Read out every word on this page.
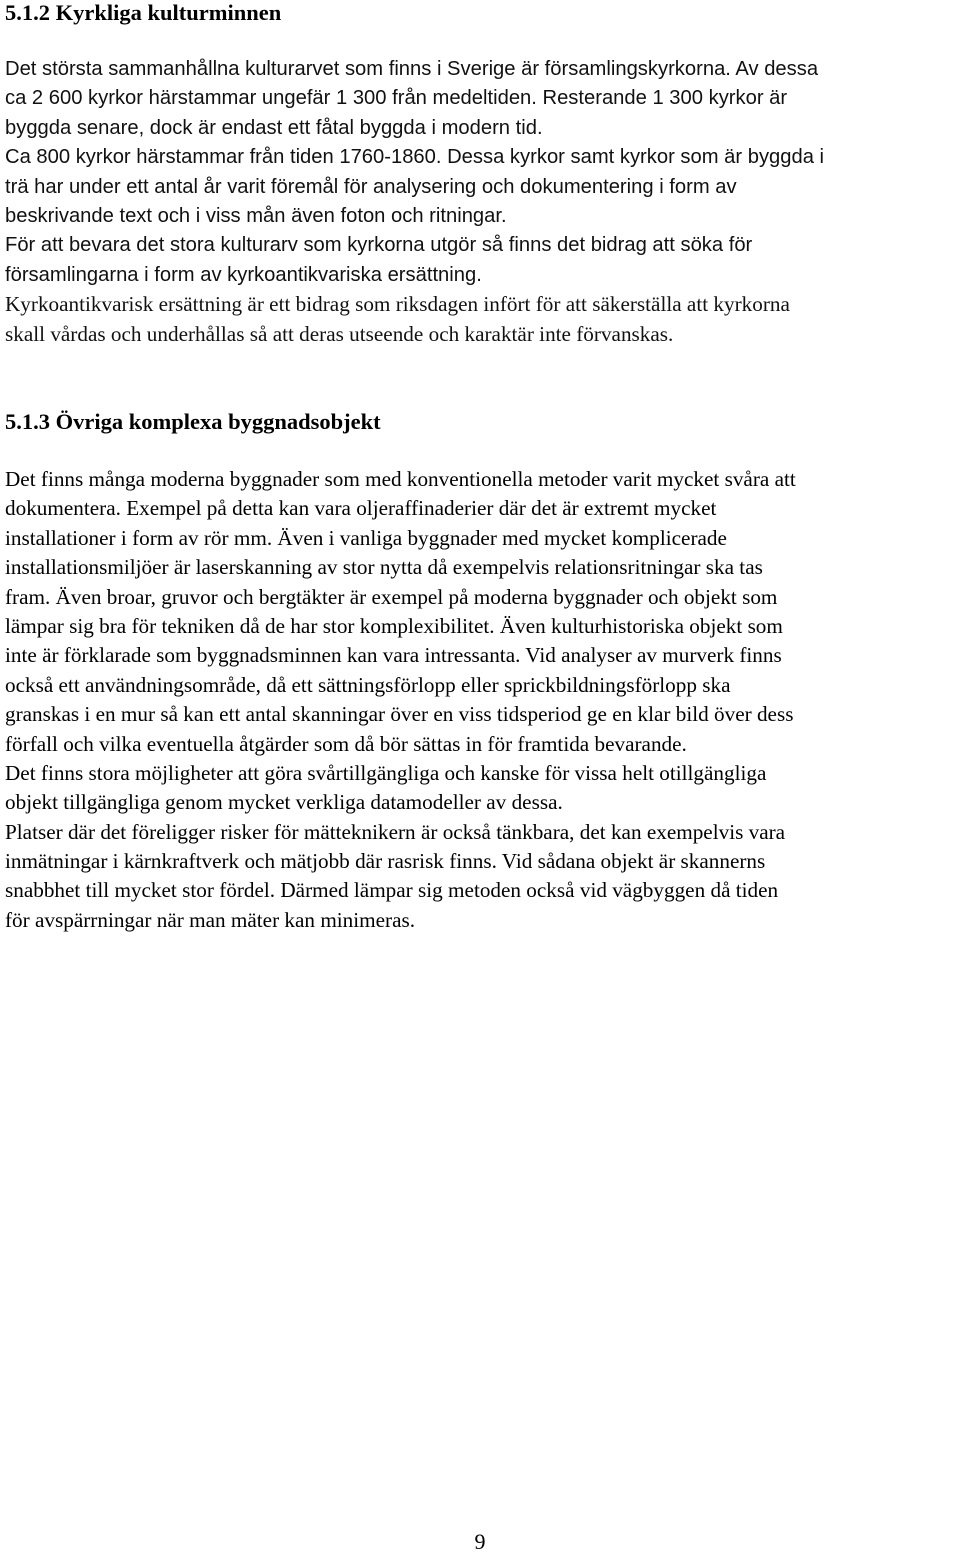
5.1.2 Kyrkliga kulturminnen
Det största sammanhållna kulturarvet som finns i Sverige är församlingskyrkorna. Av dessa
ca 2 600 kyrkor härstammar ungefär 1 300 från medeltiden. Resterande 1 300 kyrkor är
byggda senare, dock är endast ett fåtal byggda i modern tid.
Ca 800 kyrkor härstammar från tiden 1760-1860. Dessa kyrkor samt kyrkor som är byggda i
trä har under ett antal år varit föremål för analysering och dokumentering i form av
beskrivande text och i viss mån även foton och ritningar.
För att bevara det stora kulturarv som kyrkorna utgör så finns det bidrag att söka för
församlingarna i form av kyrkoantikvariska ersättning.
Kyrkoantikvarisk ersättning är ett bidrag som riksdagen infört för att säkerställa att kyrkorna
skall vårdas och underhållas så att deras utseende och karaktär inte förvanskas.
5.1.3 Övriga komplexa byggnadsobjekt
Det finns många moderna byggnader som med konventionella metoder varit mycket svåra att
dokumentera. Exempel på detta kan vara oljeraffinaderier där det är extremt mycket
installationer i form av rör mm. Även i vanliga byggnader med mycket komplicerade
installationsmiljöer är laserskanning av stor nytta då exempelvis relationsritningar ska tas
fram. Även broar, gruvor och bergtäkter är exempel på moderna byggnader och objekt som
lämpar sig bra för tekniken då de har stor komplexibilitet. Även kulturhistoriska objekt som
inte är förklarade som byggnadsminnen kan vara intressanta. Vid analyser av murverk finns
också ett användningsområde, då ett sättningsförlopp eller sprickbildningsförlopp ska
granskas i en mur så kan ett antal skanningar över en viss tidsperiod ge en klar bild över dess
förfall och vilka eventuella åtgärder som då bör sättas in för framtida bevarande.
Det finns stora möjligheter att göra svårtillgängliga och kanske för vissa helt otillgängliga
objekt tillgängliga genom mycket verkliga datamodeller av dessa.
Platser där det föreligger risker för mätteknikern är också tänkbara, det kan exempelvis vara
inmätningar i kärnkraftverk och mätjobb där rasrisk finns. Vid sådana objekt är skannerns
snabbhet till mycket stor fördel. Därmed lämpar sig metoden också vid vägbyggen då tiden
för avspärrningar när man mäter kan minimeras.
9
